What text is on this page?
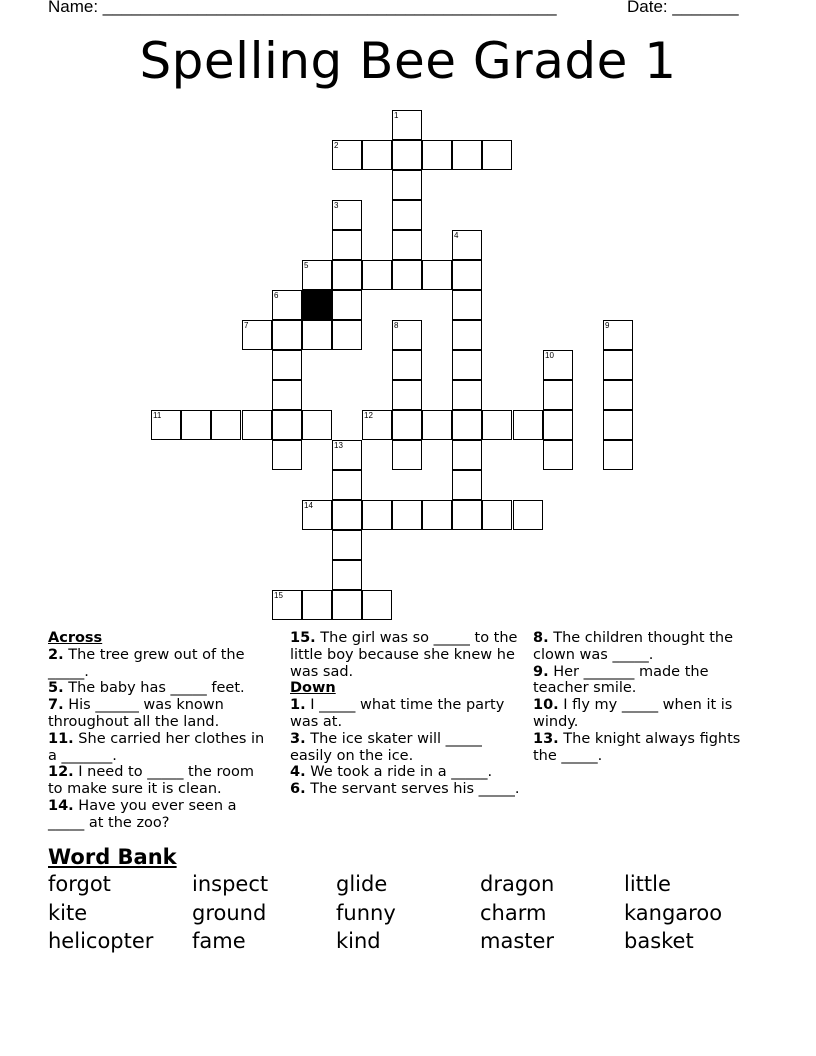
Name: ________________________________________________	Date: _______
Spelling Bee Grade 1
1
2
3
4
5
6
7	8	9
10
11	12
13
14
15
Across
2. The tree grew out of the _____.
5. The baby has _____ feet.
7. His ______ was known throughout all the land.
11. She carried her clothes in a _______.
12. I need to _____ the room to make sure it is clean.
14. Have you ever seen a _____ at the zoo?
15. The girl was so _____ to the little boy because she knew he was sad.
Down
1. I _____ what time the party was at.
3. The ice skater will _____ easily on the ice.
4. We took a ride in a _____.
6. The servant serves his _____.
8. The children thought the clown was _____.
9. Her _______ made the teacher smile.
10. I fly my _____ when it is windy.
13. The knight always fights the _____.
Word Bank
forgot	inspect	glide	dragon	little
kite	ground	funny	charm	kangaroo
helicopter fame	kind	master	basket
